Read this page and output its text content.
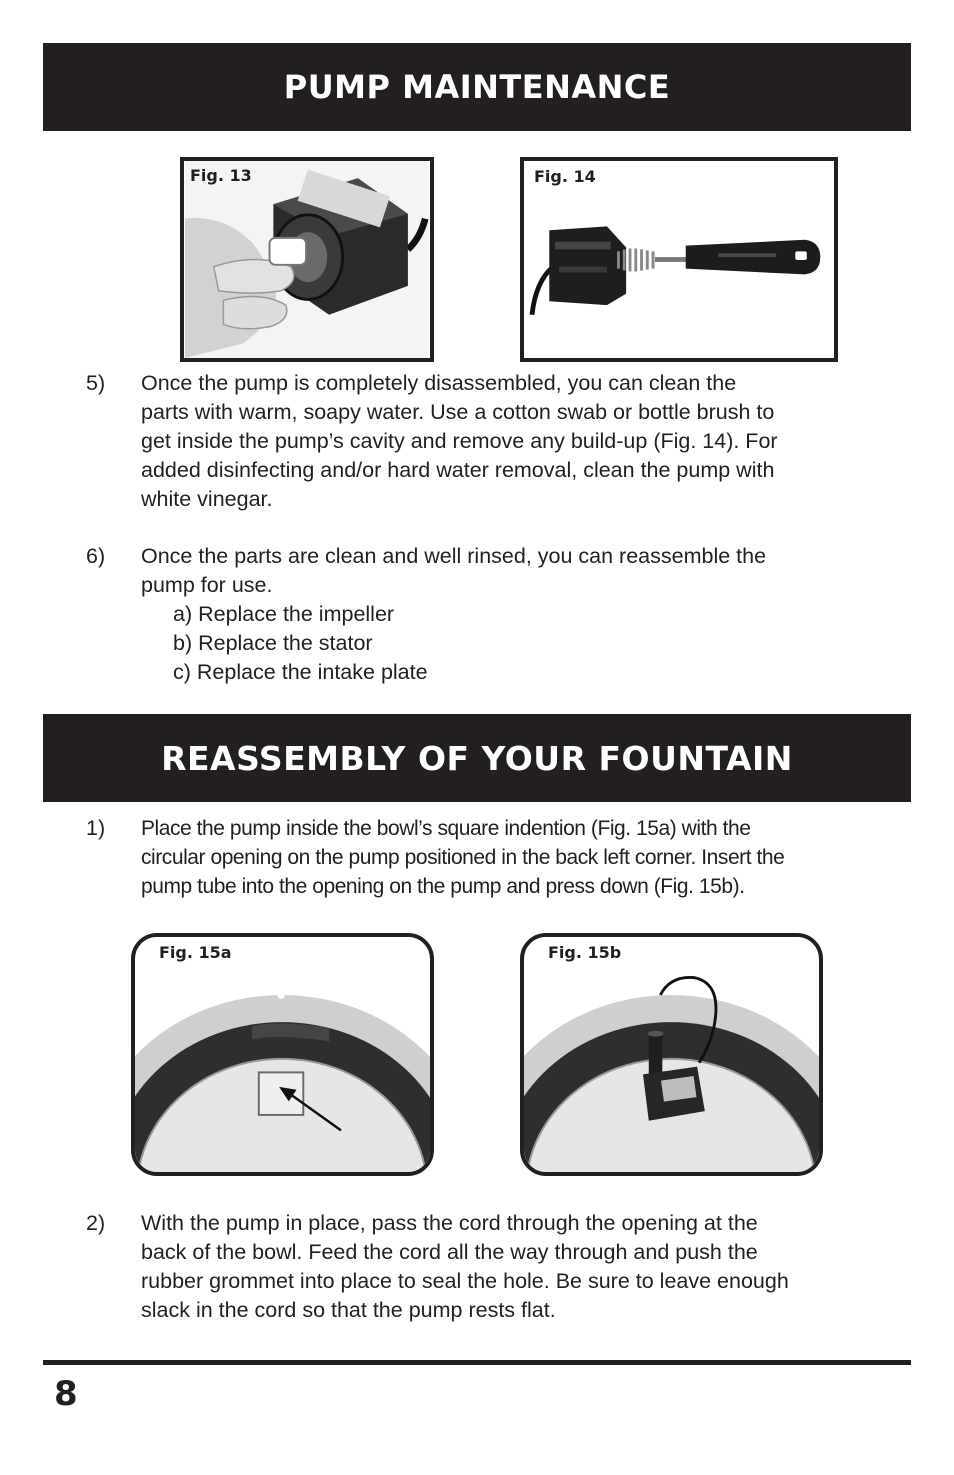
PUMP MAINTENANCE
Fig. 13	Fig. 14
5) Once the pump is completely disassembled, you can clean the

parts with warm, soapy water. Use a cotton swab or bottle brush to

get inside the pump’s cavity and remove any build-up (Fig. 14). For

added disinfecting and/or hard water removal, clean the pump with

white vinegar.

6) Once the parts are clean and well rinsed, you can reassemble the

pump for use.

a) Replace the impeller
b) Replace the stator
c) Replace the intake plate
REASSEMBLY OF YOUR FOUNTAIN
1) Place the pump inside the bowl’s square indention (Fig. 15a) with the

circular opening on the pump positioned in the back left corner. Insert the

pump tube into the opening on the pump and press down (Fig. 15b).

Fig. 15a	Fig. 15b
2) With the pump in place, pass the cord through the opening at the

back of the bowl. Feed the cord all the way through and push the

rubber grommet into place to seal the hole. Be sure to leave enough

slack in the cord so that the pump rests flat.

8
